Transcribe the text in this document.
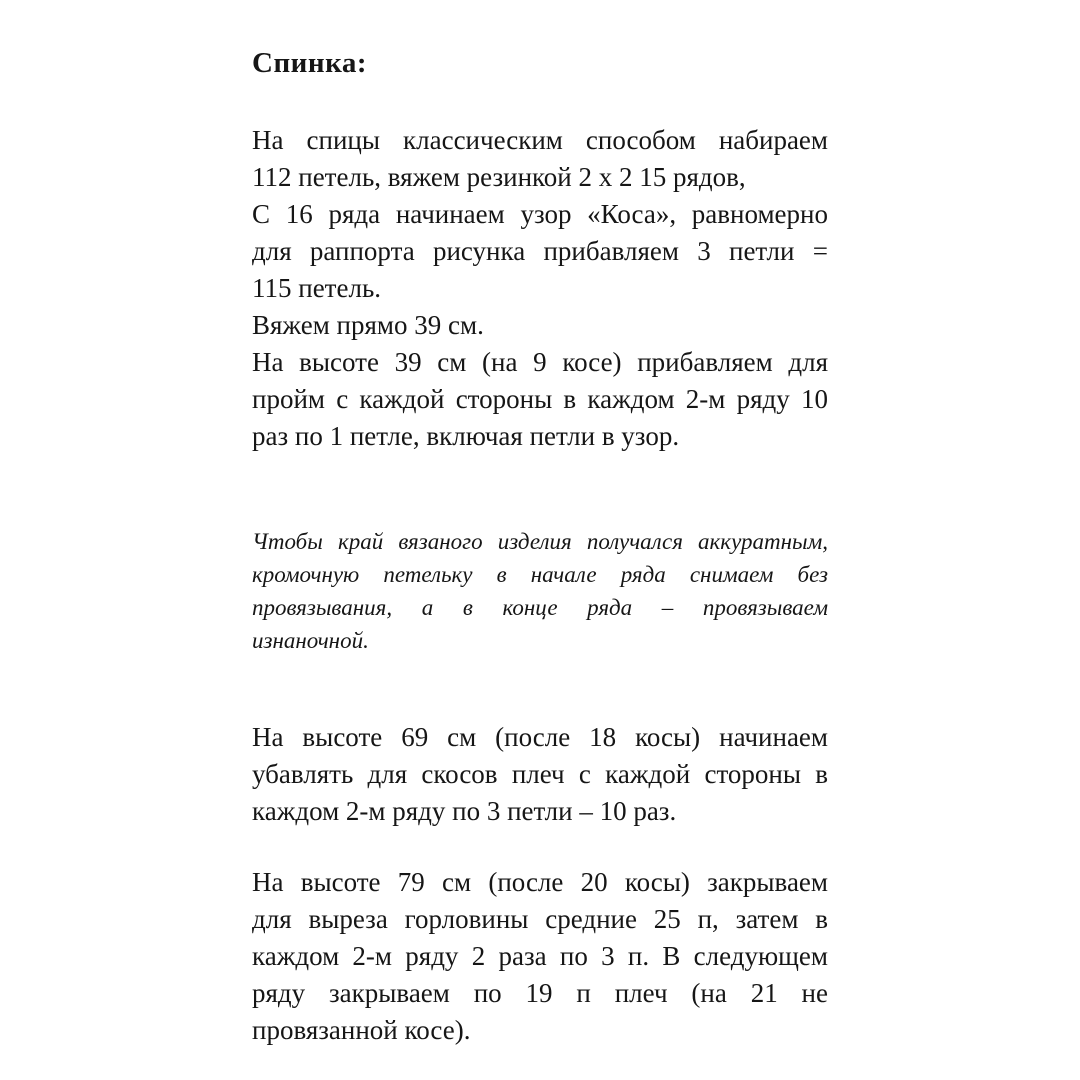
Спинка:
На спицы классическим способом набираем
112 петель, вяжем резинкой 2 х 2 15 рядов,
С 16 ряда начинаем узор «Коса», равномерно
для раппорта рисунка прибавляем 3 петли =
115 петель.
Вяжем прямо 39 см.
На высоте 39 см (на 9 косе) прибавляем для
пройм с каждой стороны в каждом 2-м ряду 10
раз по 1 петле, включая петли в узор.
Чтобы край вязаного изделия получался аккуратным,
кромочную петельку в начале ряда снимаем без
провязывания, а в конце ряда – провязываем
изнаночной.
На высоте 69 см (после 18 косы) начинаем
убавлять для скосов плеч с каждой стороны в
каждом 2-м ряду по 3 петли – 10 раз.
На высоте 79 см (после 20 косы) закрываем
для выреза горловины средние 25 п, затем в
каждом 2-м ряду 2 раза по 3 п. В следующем
ряду закрываем по 19 п плеч (на 21 не
провязанной косе).
